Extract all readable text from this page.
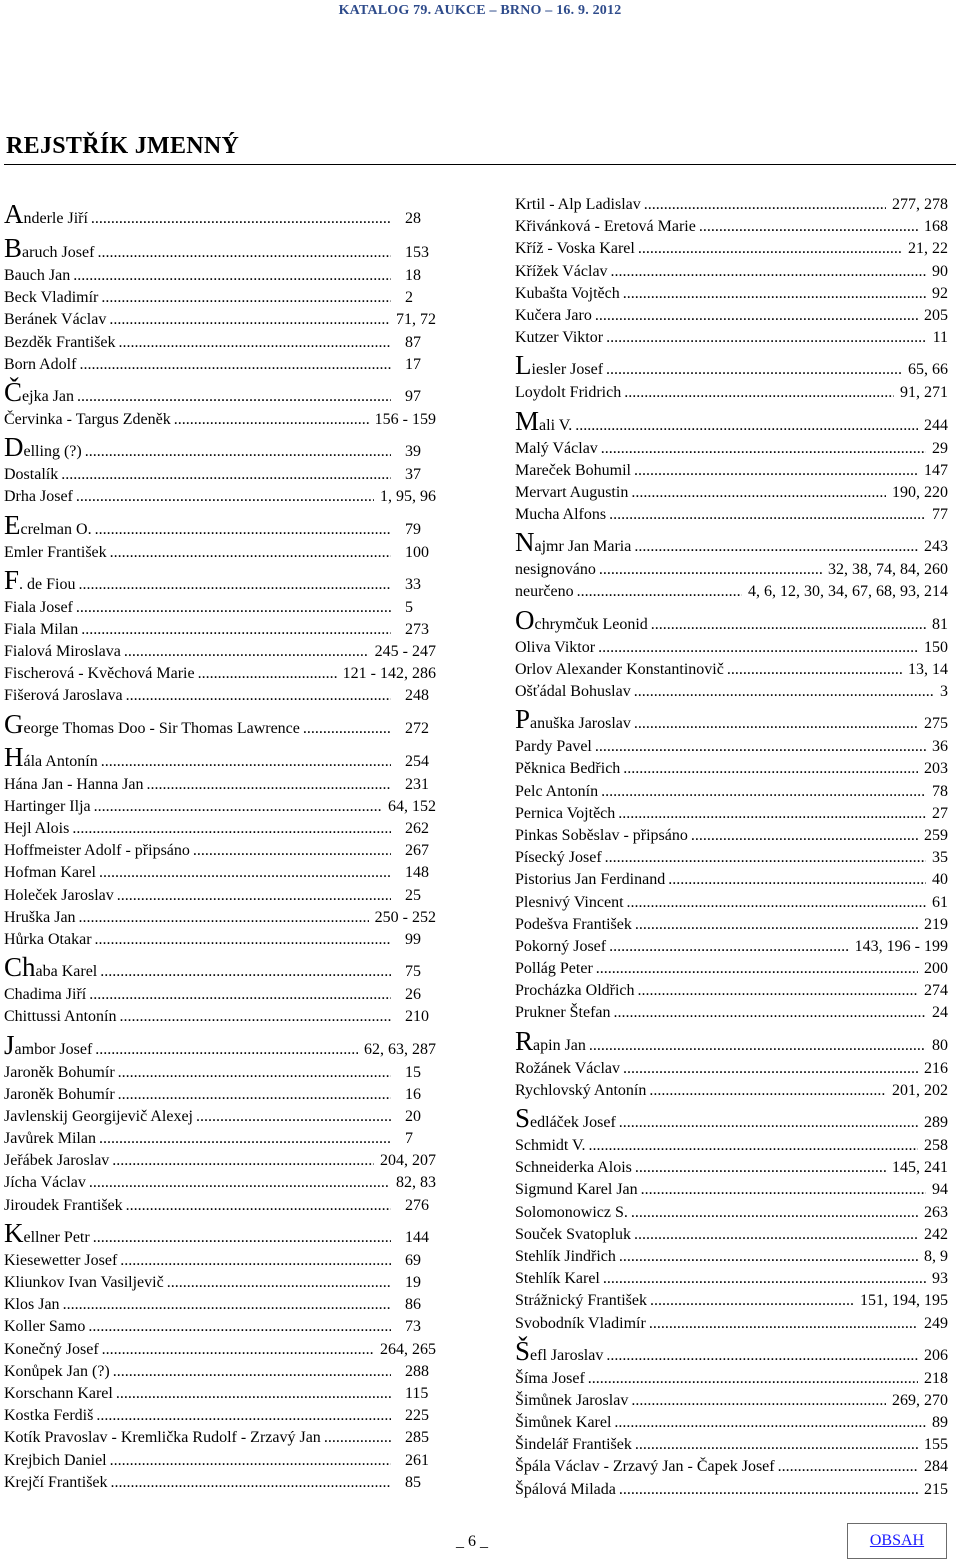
KATALOG 79. AUKCE – BRNO – 16. 9. 2012
REJSTŘÍK JMENNÝ
Anderle Jiří .....	28
Baruch Josef .....	153
Bauch Jan .....	18
Beck Vladimír .....	2
Beránek Václav .....	71, 72
Bezděk František .....	87
Born Adolf .....	17
Čejka Jan .....	97
Červinka - Targus Zdeněk .....	156 - 159
Delling (?) .....	39
Dostalík .....	37
Drha Josef .....	1, 95, 96
Ecrelman O. .....	79
Emler František .....	100
F. de Fiou .....	33
Fiala Josef .....	5
Fiala Milan .....	273
Fialová Miroslava .....	245 - 247
Fischerová - Kvěchová Marie .....	121 - 142, 286
Fišerová Jaroslava .....	248
George Thomas Doo - Sir Thomas Lawrence .....	272
Hála Antonín .....	254
Hána Jan - Hanna Jan .....	231
Hartinger Ilja .....	64, 152
Hejl Alois .....	262
Hoffmeister Adolf - připsáno .....	267
Hofman Karel .....	148
Holeček Jaroslav .....	25
Hruška Jan .....	250 - 252
Hůrka Otakar .....	99
Chaba Karel .....	75
Chadima Jiří .....	26
Chittussi Antonín .....	210
Jambor Josef .....	62, 63, 287
Jaroněk Bohumír .....	15
Jaroněk Bohumír .....	16
Javlenskij Georgijevič Alexej .....	20
Javůrek Milan .....	7
Jeřábek Jaroslav .....	204, 207
Jícha Václav .....	82, 83
Jiroudek František .....	276
Kellner Petr .....	144
Kiesewetter Josef .....	69
Kliunkov Ivan Vasiljevič .....	19
Klos Jan .....	86
Koller Samo .....	73
Konečný Josef .....	264, 265
Konůpek Jan (?) .....	288
Korschann Karel .....	115
Kostka Ferdiš .....	225
Kotík Pravoslav - Kremlička Rudolf - Zrzavý Jan .....	285
Krejbich Daniel .....	261
Krejčí František .....	85
Krtil - Alp Ladislav .....	277, 278
Křivánková - Eretová Marie .....	168
Kříž - Voska Karel .....	21, 22
Křížek Václav .....	90
Kubašta Vojtěch .....	92
Kučera Jaro .....	205
Kutzer Viktor .....	11
Liesler Josef .....	65, 66
Loydolt Fridrich .....	91, 271
Mali V. .....	244
Malý Václav .....	29
Mareček Bohumil .....	147
Mervart Augustin .....	190, 220
Mucha Alfons .....	77
Najmr Jan Maria .....	243
nesignováno .....	32, 38, 74, 84, 260
neurčeno .....	4, 6, 12, 30, 34, 67, 68, 93, 214
Ochrymčuk Leonid .....	81
Oliva Viktor .....	150
Orlov Alexander Konstantinovič .....	13, 14
Ošťádal Bohuslav .....	3
Panuška Jaroslav .....	275
Pardy Pavel .....	36
Pěknica Bedřich .....	203
Pelc Antonín .....	78
Pernica Vojtěch .....	27
Pinkas Soběslav - připsáno .....	259
Písecký Josef .....	35
Pistorius Jan Ferdinand .....	40
Plesnivý Vincent .....	61
Podešva František .....	219
Pokorný Josef .....	143, 196 - 199
Pollág Peter .....	200
Procházka Oldřich .....	274
Prukner Štefan .....	24
Rapin Jan .....	80
Rožánek Václav .....	216
Rychlovský Antonín .....	201, 202
Sedláček Josef .....	289
Schmidt V. .....	258
Schneiderka Alois .....	145, 241
Sigmund Karel Jan .....	94
Solomonowicz S. .....	263
Souček Svatopluk .....	242
Stehlík Jindřich .....	8, 9
Stehlík Karel .....	93
Strážnický František .....	151, 194, 195
Svobodník Vladimír .....	249
Šefl Jaroslav .....	206
Šíma Josef .....	218
Šimůnek Jaroslav .....	269, 270
Šimůnek Karel .....	89
Šindelář František .....	155
Špála Václav - Zrzavý Jan - Čapek Josef .....	284
Špálová Milada .....	215
_ 6 _	OBSAH
